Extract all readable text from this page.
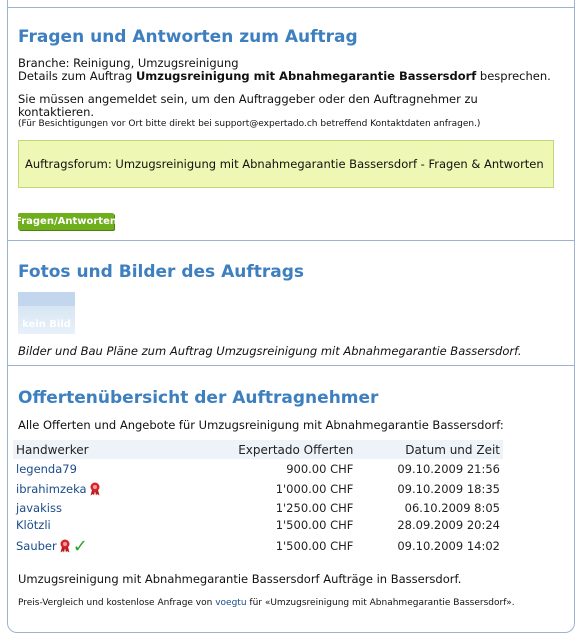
Fragen und Antworten zum Auftrag
Branche: Reinigung, Umzugsreinigung
Details zum Auftrag Umzugsreinigung mit Abnahmegarantie Bassersdorf besprechen.
Sie müssen angemeldet sein, um den Auftraggeber oder den Auftragnehmer zu kontaktieren.
(Für Besichtigungen vor Ort bitte direkt bei support@expertado.ch betreffend Kontaktdaten anfragen.)
Auftragsforum: Umzugsreinigung mit Abnahmegarantie Bassersdorf - Fragen & Antworten
Fragen/Antworten
Fotos und Bilder des Auftrags
kein Bild
Bilder und Bau Pläne zum Auftrag Umzugsreinigung mit Abnahmegarantie Bassersdorf.
Offertenübersicht der Auftragnehmer
Alle Offerten und Angebote für Umzugsreinigung mit Abnahmegarantie Bassersdorf:
Handwerker	Expertado Offerten	Datum und Zeit
legenda79	900.00 CHF	09.10.2009 21:56
ibrahimzeka	1'000.00 CHF	09.10.2009 18:35
javakiss	1'250.00 CHF	06.10.2009 8:05
Klötzli	1'500.00 CHF	28.09.2009 20:24
Sauber ✓	1'500.00 CHF	09.10.2009 14:02
Umzugsreinigung mit Abnahmegarantie Bassersdorf Aufträge in Bassersdorf.
Preis-Vergleich und kostenlose Anfrage von voegtu für «Umzugsreinigung mit Abnahmegarantie Bassersdorf».
